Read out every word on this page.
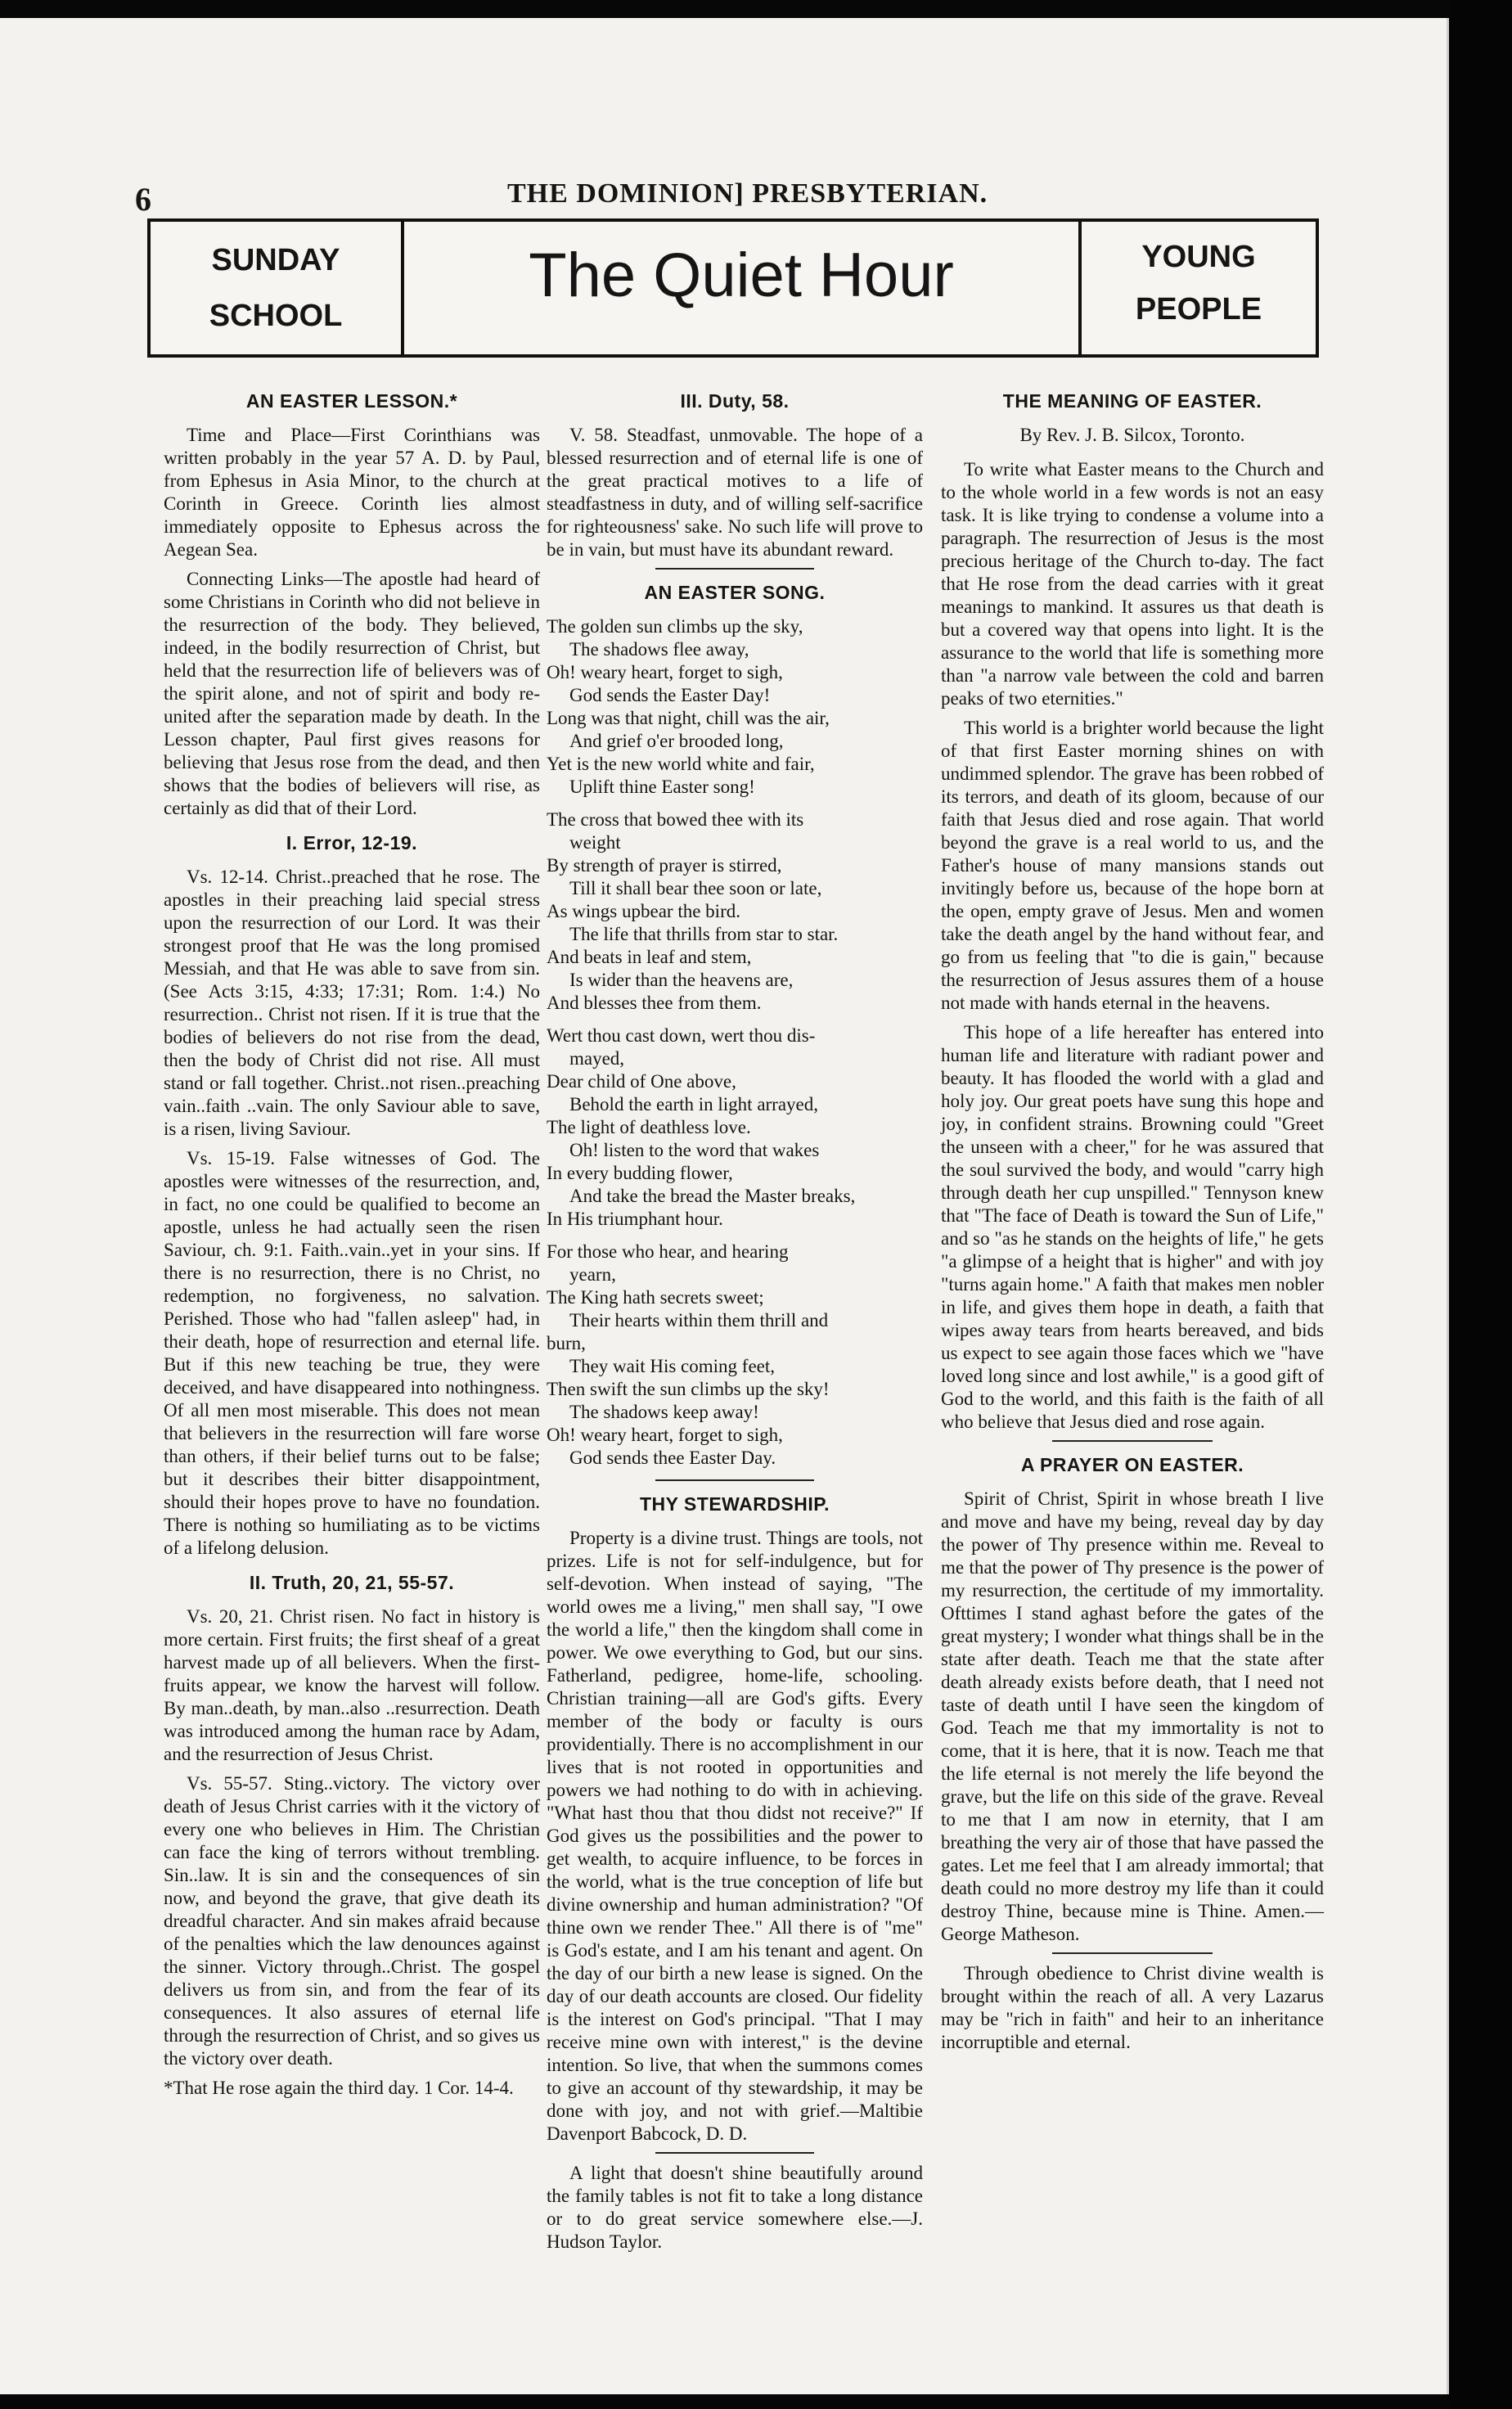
6	THE DOMINION] PRESBYTERIAN.
SUNDAY
SCHOOL
The Quiet Hour	YOUNG
PEOPLE
AN EASTER LESSON.*

Time and Place—First Corinthians was written probably in the year 57 A. D. by Paul, from Ephesus in Asia Minor, to the church at Corinth in Greece. Corinth lies almost immediately opposite to Ephesus across the Aegean Sea.

Connecting Links—The apostle had heard of some Christians in Corinth who did not believe in the resurrection of the body. They believed, indeed, in the bodily resurrection of Christ, but held that the resurrection life of believers was of the spirit alone, and not of spirit and body re-united after the separation made by death. In the Lesson chapter, Paul first gives reasons for believing that Jesus rose from the dead, and then shows that the bodies of believers will rise, as certainly as did that of their Lord.

I. Error, 12-19.

Vs. 12-14. Christ..preached that he rose. The apostles in their preaching laid special stress upon the resurrection of our Lord. It was their strongest proof that He was the long promised Messiah, and that He was able to save from sin. (See Acts 3:15, 4:33; 17:31; Rom. 1:4.) No resurrection.. Christ not risen. If it is true that the bodies of believers do not rise from the dead, then the body of Christ did not rise. All must stand or fall together. Christ..not risen..preaching vain..faith ..vain. The only Saviour able to save, is a risen, living Saviour.

Vs. 15-19. False witnesses of God. The apostles were witnesses of the resurrection, and, in fact, no one could be qualified to become an apostle, unless he had actually seen the risen Saviour, ch. 9:1. Faith..vain..yet in your sins. If there is no resurrection, there is no Christ, no redemption, no forgiveness, no salvation. Perished. Those who had "fallen asleep" had, in their death, hope of resurrection and eternal life. But if this new teaching be true, they were deceived, and have disappeared into nothingness. Of all men most miserable. This does not mean that believers in the resurrection will fare worse than others, if their belief turns out to be false; but it describes their bitter disappointment, should their hopes prove to have no foundation. There is nothing so humiliating as to be victims of a lifelong delusion.

II. Truth, 20, 21, 55-57.

Vs. 20, 21. Christ risen. No fact in history is more certain. First fruits; the first sheaf of a great harvest made up of all believers. When the first-fruits appear, we know the harvest will follow. By man..death, by man..also ..resurrection. Death was introduced among the human race by Adam, and the resurrection of Jesus Christ.

Vs. 55-57. Sting..victory. The victory over death of Jesus Christ carries with it the victory of every one who believes in Him. The Christian can face the king of terrors without trembling. Sin..law. It is sin and the consequences of sin now, and beyond the grave, that give death its dreadful character. And sin makes afraid because of the penalties which the law denounces against the sinner. Victory through..Christ. The gospel delivers us from sin, and from the fear of its consequences. It also assures of eternal life through the resurrection of Christ, and so gives us the victory over death.

*That He rose again the third day. 1 Cor. 14-4.

III. Duty, 58.

V. 58. Steadfast, unmovable. The hope of a blessed resurrection and of eternal life is one of the great practical motives to a life of steadfastness in duty, and of willing self-sacrifice for righteousness' sake. No such life will prove to be in vain, but must have its abundant reward.

AN EASTER SONG.
The golden sun climbs up the sky,
The shadows flee away,
Oh! weary heart, forget to sigh,
God sends the Easter Day!
Long was that night, chill was the air,
And grief o'er brooded long,
Yet is the new world white and fair,
Uplift thine Easter song!
The cross that bowed thee with its
weight
By strength of prayer is stirred,
Till it shall bear thee soon or late,
As wings upbear the bird.
The life that thrills from star to star.
And beats in leaf and stem,
Is wider than the heavens are,
And blesses thee from them.
Wert thou cast down, wert thou dis-
mayed,
Dear child of One above,
Behold the earth in light arrayed,
The light of deathless love.
Oh! listen to the word that wakes
In every budding flower,
And take the bread the Master breaks,
In His triumphant hour.
For those who hear, and hearing
yearn,
The King hath secrets sweet;
Their hearts within them thrill and
burn,
They wait His coming feet,
Then swift the sun climbs up the sky!
The shadows keep away!
Oh! weary heart, forget to sigh,
God sends thee Easter Day.
THY STEWARDSHIP.

Property is a divine trust. Things are tools, not prizes. Life is not for self-indulgence, but for self-devotion. When instead of saying, "The world owes me a living," men shall say, "I owe the world a life," then the kingdom shall come in power. We owe everything to God, but our sins. Fatherland, pedigree, home-life, schooling. Christian training—all are God's gifts. Every member of the body or faculty is ours providentially. There is no accomplishment in our lives that is not rooted in opportunities and powers we had nothing to do with in achieving. "What hast thou that thou didst not receive?" If God gives us the possibilities and the power to get wealth, to acquire influence, to be forces in the world, what is the true conception of life but divine ownership and human administration? "Of thine own we render Thee." All there is of "me" is God's estate, and I am his tenant and agent. On the day of our birth a new lease is signed. On the day of our death accounts are closed. Our fidelity is the interest on God's principal. "That I may receive mine own with interest," is the devine intention. So live, that when the summons comes to give an account of thy stewardship, it may be done with joy, and not with grief.—Maltibie Davenport Babcock, D. D.

A light that doesn't shine beautifully around the family tables is not fit to take a long distance or to do great service somewhere else.—J. Hudson Taylor.

THE MEANING OF EASTER.
By Rev. J. B. Silcox, Toronto.

To write what Easter means to the Church and to the whole world in a few words is not an easy task. It is like trying to condense a volume into a paragraph. The resurrection of Jesus is the most precious heritage of the Church to-day. The fact that He rose from the dead carries with it great meanings to mankind. It assures us that death is but a covered way that opens into light. It is the assurance to the world that life is something more than "a narrow vale between the cold and barren peaks of two eternities."

This world is a brighter world because the light of that first Easter morning shines on with undimmed splendor. The grave has been robbed of its terrors, and death of its gloom, because of our faith that Jesus died and rose again. That world beyond the grave is a real world to us, and the Father's house of many mansions stands out invitingly before us, because of the hope born at the open, empty grave of Jesus. Men and women take the death angel by the hand without fear, and go from us feeling that "to die is gain," because the resurrection of Jesus assures them of a house not made with hands eternal in the heavens.

This hope of a life hereafter has entered into human life and literature with radiant power and beauty. It has flooded the world with a glad and holy joy. Our great poets have sung this hope and joy, in confident strains. Browning could "Greet the unseen with a cheer," for he was assured that the soul survived the body, and would "carry high through death her cup unspilled." Tennyson knew that "The face of Death is toward the Sun of Life," and so "as he stands on the heights of life," he gets "a glimpse of a height that is higher" and with joy "turns again home." A faith that makes men nobler in life, and gives them hope in death, a faith that wipes away tears from hearts bereaved, and bids us expect to see again those faces which we "have loved long since and lost awhile," is a good gift of God to the world, and this faith is the faith of all who believe that Jesus died and rose again.

A PRAYER ON EASTER.

Spirit of Christ, Spirit in whose breath I live and move and have my being, reveal day by day the power of Thy presence within me. Reveal to me that the power of Thy presence is the power of my resurrection, the certitude of my immortality. Ofttimes I stand aghast before the gates of the great mystery; I wonder what things shall be in the state after death. Teach me that the state after death already exists before death, that I need not taste of death until I have seen the kingdom of God. Teach me that my immortality is not to come, that it is here, that it is now. Teach me that the life eternal is not merely the life beyond the grave, but the life on this side of the grave. Reveal to me that I am now in eternity, that I am breathing the very air of those that have passed the gates. Let me feel that I am already immortal; that death could no more destroy my life than it could destroy Thine, because mine is Thine. Amen.—George Matheson.

Through obedience to Christ divine wealth is brought within the reach of all. A very Lazarus may be "rich in faith" and heir to an inheritance incorruptible and eternal.
